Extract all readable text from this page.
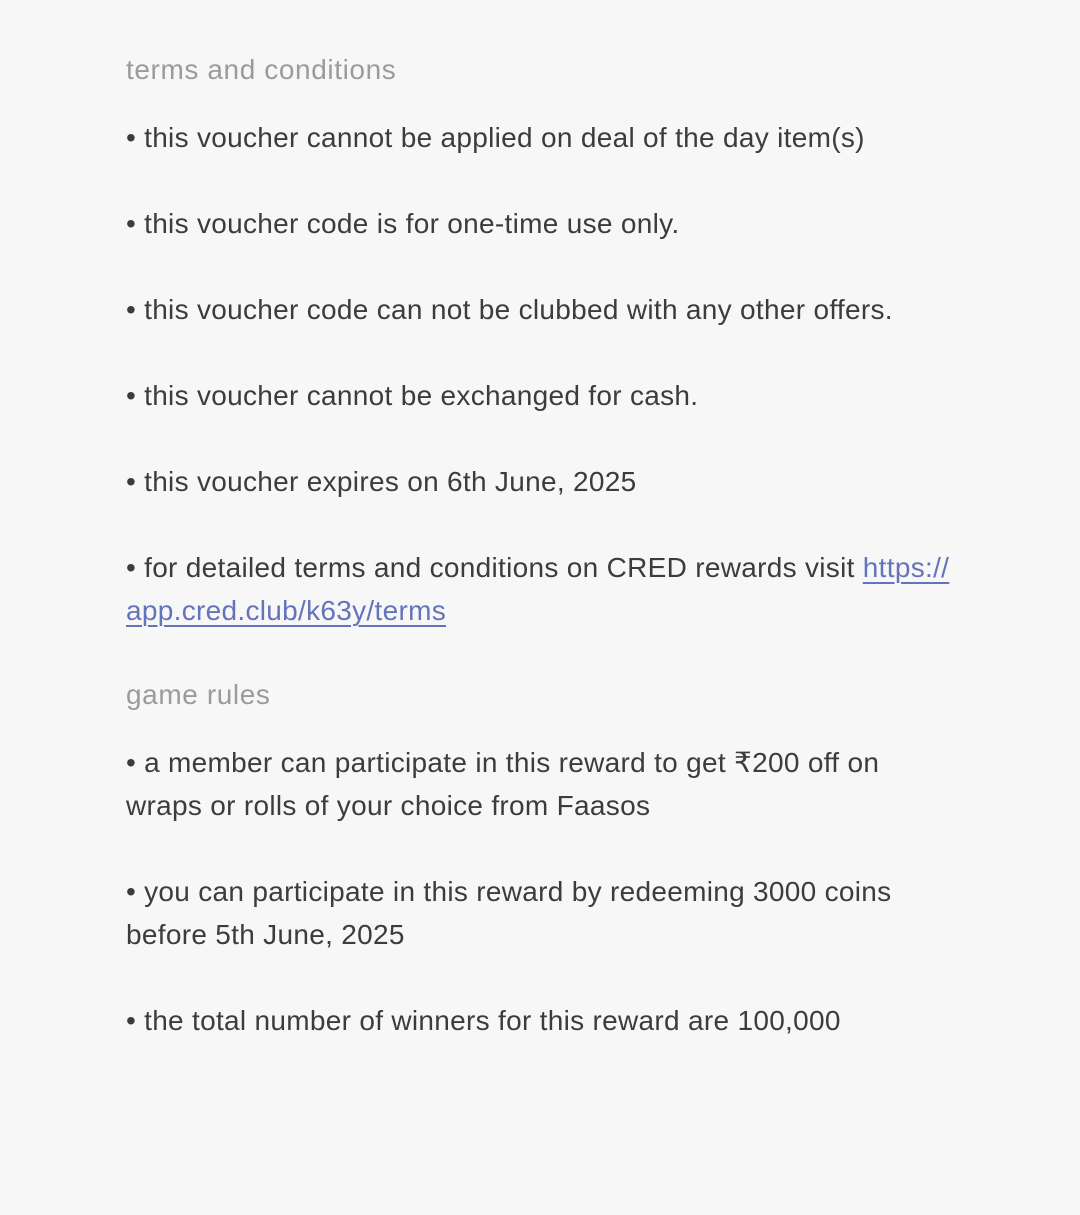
terms and conditions

• this voucher cannot be applied on deal of the day item(s)

• this voucher code is for one-time use only.

• this voucher code can not be clubbed with any other offers.

• this voucher cannot be exchanged for cash.

• this voucher expires on 6th June, 2025

• for detailed terms and conditions on CRED rewards visit https://app.cred.club/k63y/terms

game rules

• a member can participate in this reward to get ₹200 off on wraps or rolls of your choice from Faasos

• you can participate in this reward by redeeming 3000 coins before 5th June, 2025

• the total number of winners for this reward are 100,000
